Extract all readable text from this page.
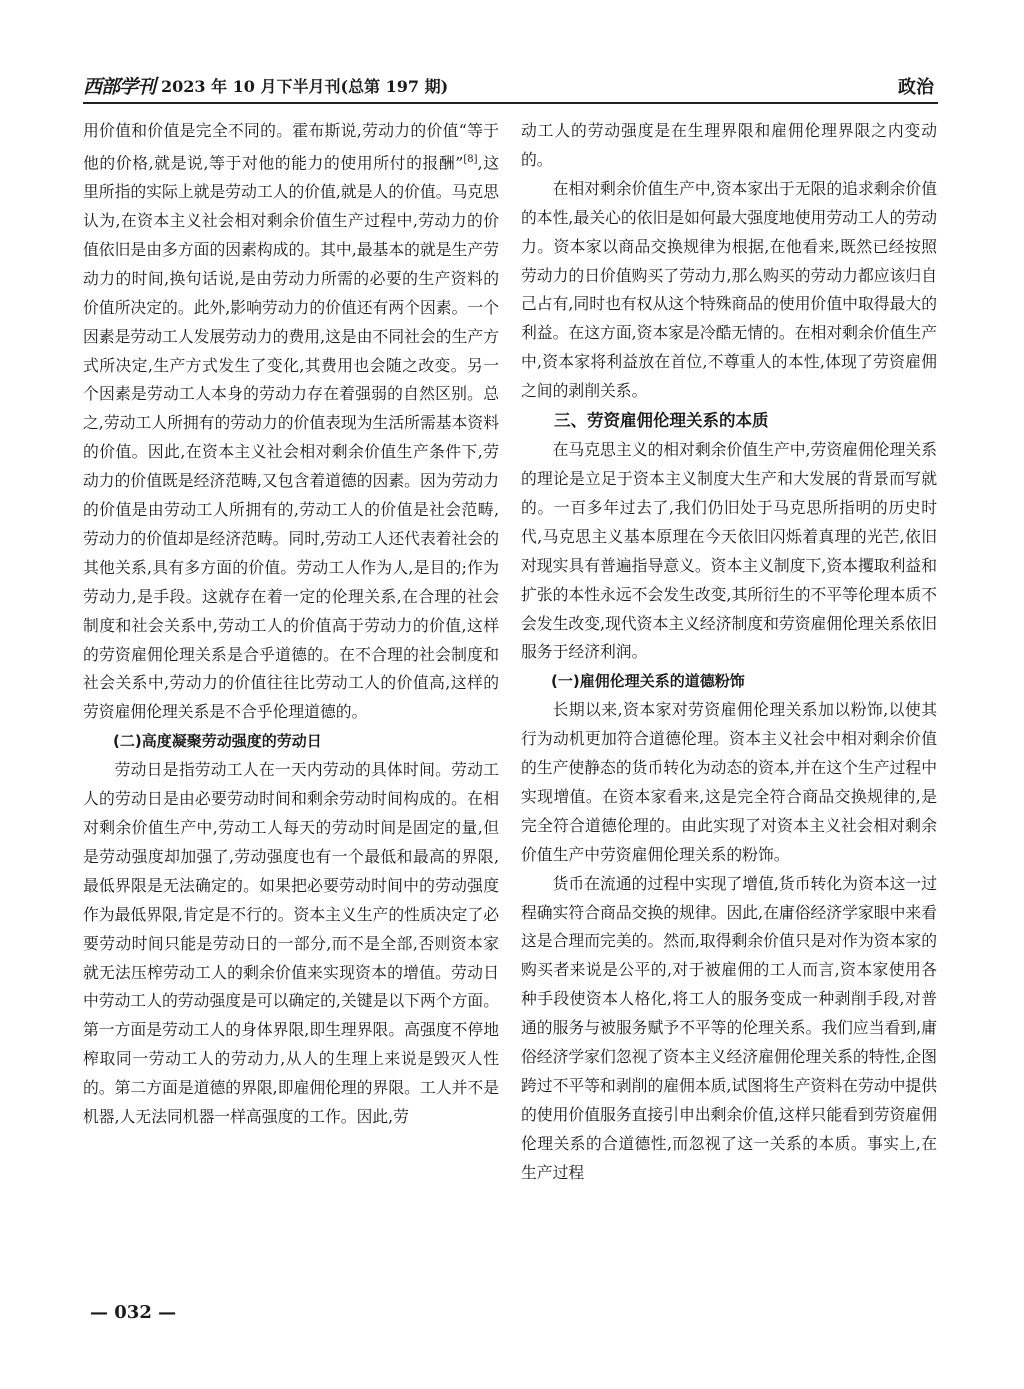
西部学刊 2023 年 10 月下半月刊(总第 197 期)	政治

用价值和价值是完全不同的。霍布斯说,劳动力的价值“等于他的价格,就是说,等于对他的能力的使用所付的报酬”[8],这里所指的实际上就是劳动工人的价值,就是人的价值。马克思认为,在资本主义社会相对剩余价值生产过程中,劳动力的价值依旧是由多方面的因素构成的。其中,最基本的就是生产劳动力的时间,换句话说,是由劳动力所需的必要的生产资料的价值所决定的。此外,影响劳动力的价值还有两个因素。一个因素是劳动工人发展劳动力的费用,这是由不同社会的生产方式所决定,生产方式发生了变化,其费用也会随之改变。另一个因素是劳动工人本身的劳动力存在着强弱的自然区别。总之,劳动工人所拥有的劳动力的价值表现为生活所需基本资料的价值。因此,在资本主义社会相对剩余价值生产条件下,劳动力的价值既是经济范畴,又包含着道德的因素。因为劳动力的价值是由劳动工人所拥有的,劳动工人的价值是社会范畴,劳动力的价值却是经济范畴。同时,劳动工人还代表着社会的其他关系,具有多方面的价值。劳动工人作为人,是目的;作为劳动力,是手段。这就存在着一定的伦理关系,在合理的社会制度和社会关系中,劳动工人的价值高于劳动力的价值,这样的劳资雇佣伦理关系是合乎道德的。在不合理的社会制度和社会关系中,劳动力的价值往往比劳动工人的价值高,这样的劳资雇佣伦理关系是不合乎伦理道德的。

(二)高度凝聚劳动强度的劳动日

劳动日是指劳动工人在一天内劳动的具体时间。劳动工人的劳动日是由必要劳动时间和剩余劳动时间构成的。在相对剩余价值生产中,劳动工人每天的劳动时间是固定的量,但是劳动强度却加强了,劳动强度也有一个最低和最高的界限,最低界限是无法确定的。如果把必要劳动时间中的劳动强度作为最低界限,肯定是不行的。资本主义生产的性质决定了必要劳动时间只能是劳动日的一部分,而不是全部,否则资本家就无法压榨劳动工人的剩余价值来实现资本的增值。劳动日中劳动工人的劳动强度是可以确定的,关键是以下两个方面。第一方面是劳动工人的身体界限,即生理界限。高强度不停地榨取同一劳动工人的劳动力,从人的生理上来说是毁灭人性的。第二方面是道德的界限,即雇佣伦理的界限。工人并不是机器,人无法同机器一样高强度的工作。因此,劳

动工人的劳动强度是在生理界限和雇佣伦理界限之内变动的。

在相对剩余价值生产中,资本家出于无限的追求剩余价值的本性,最关心的依旧是如何最大强度地使用劳动工人的劳动力。资本家以商品交换规律为根据,在他看来,既然已经按照劳动力的日价值购买了劳动力,那么购买的劳动力都应该归自己占有,同时也有权从这个特殊商品的使用价值中取得最大的利益。在这方面,资本家是冷酷无情的。在相对剩余价值生产中,资本家将利益放在首位,不尊重人的本性,体现了劳资雇佣之间的剥削关系。

三、劳资雇佣伦理关系的本质

在马克思主义的相对剩余价值生产中,劳资雇佣伦理关系的理论是立足于资本主义制度大生产和大发展的背景而写就的。一百多年过去了,我们仍旧处于马克思所指明的历史时代,马克思主义基本原理在今天依旧闪烁着真理的光芒,依旧对现实具有普遍指导意义。资本主义制度下,资本攫取利益和扩张的本性永远不会发生改变,其所衍生的不平等伦理本质不会发生改变,现代资本主义经济制度和劳资雇佣伦理关系依旧服务于经济利润。

(一)雇佣伦理关系的道德粉饰

长期以来,资本家对劳资雇佣伦理关系加以粉饰,以使其行为动机更加符合道德伦理。资本主义社会中相对剩余价值的生产使静态的货币转化为动态的资本,并在这个生产过程中实现增值。在资本家看来,这是完全符合商品交换规律的,是完全符合道德伦理的。由此实现了对资本主义社会相对剩余价值生产中劳资雇佣伦理关系的粉饰。

货币在流通的过程中实现了增值,货币转化为资本这一过程确实符合商品交换的规律。因此,在庸俗经济学家眼中来看这是合理而完美的。然而,取得剩余价值只是对作为资本家的购买者来说是公平的,对于被雇佣的工人而言,资本家使用各种手段使资本人格化,将工人的服务变成一种剥削手段,对普通的服务与被服务赋予不平等的伦理关系。我们应当看到,庸俗经济学家们忽视了资本主义经济雇佣伦理关系的特性,企图跨过不平等和剥削的雇佣本质,试图将生产资料在劳动中提供的使用价值服务直接引申出剩余价值,这样只能看到劳资雇佣伦理关系的合道德性,而忽视了这一关系的本质。事实上,在生产过程

— 032 —
